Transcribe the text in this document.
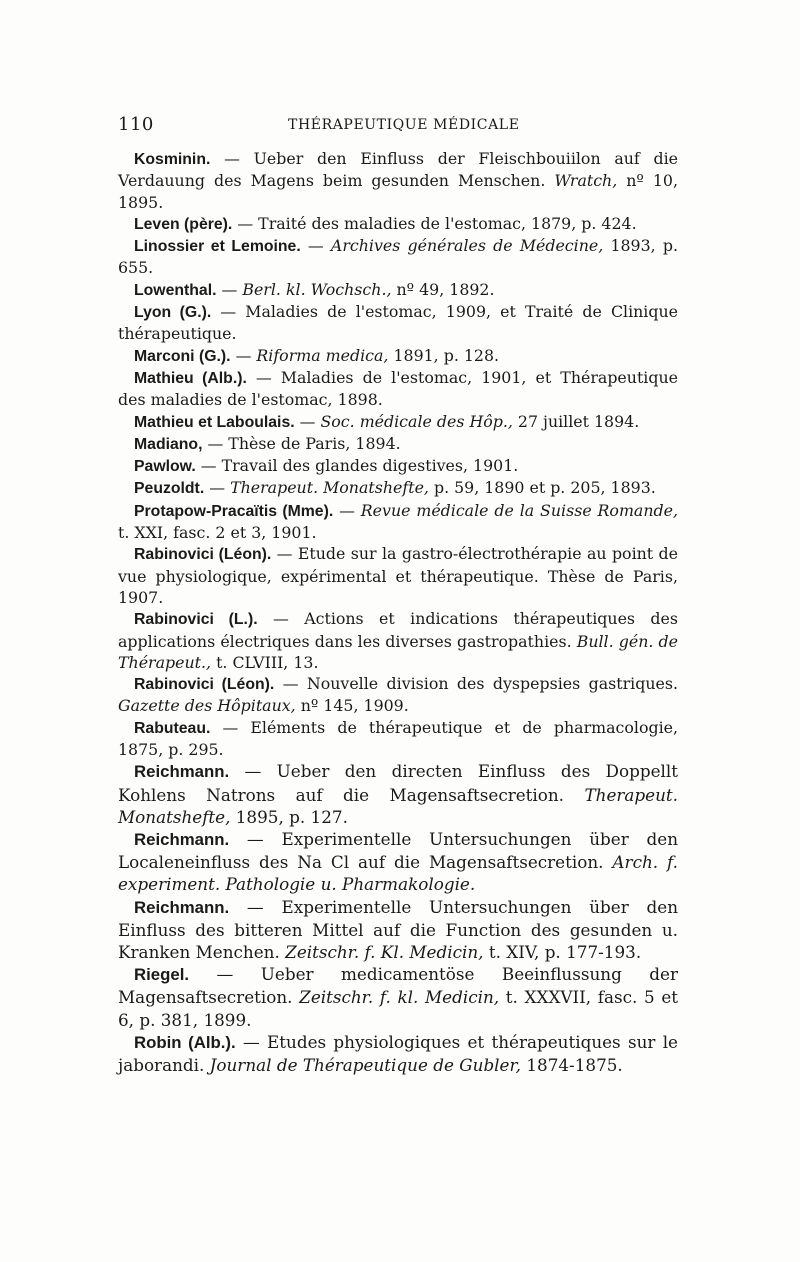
110	THÉRAPEUTIQUE MÉDICALE

Kosminin. — Ueber den Einfluss der Fleischbouiilon auf die Verdauung des Magens beim gesunden Menschen. Wratch, nº 10, 1895.

Leven (père). — Traité des maladies de l'estomac, 1879, p. 424.

Linossier et Lemoine. — Archives générales de Médecine, 1893, p. 655.

Lowenthal. — Berl. kl. Wochsch., nº 49, 1892.

Lyon (G.). — Maladies de l'estomac, 1909, et Traité de Clinique thérapeutique.

Marconi (G.). — Riforma medica, 1891, p. 128.

Mathieu (Alb.). — Maladies de l'estomac, 1901, et Thérapeutique des maladies de l'estomac, 1898.

Mathieu et Laboulais. — Soc. médicale des Hôp., 27 juillet 1894.

Madiano, — Thèse de Paris, 1894.

Pawlow. — Travail des glandes digestives, 1901.

Peuzoldt. — Therapeut. Monatshefte, p. 59, 1890 et p. 205, 1893.

Protapow-Pracaïtis (Mme). — Revue médicale de la Suisse Romande, t. XXI, fasc. 2 et 3, 1901.

Rabinovici (Léon). — Etude sur la gastro-électrothérapie au point de vue physiologique, expérimental et thérapeutique. Thèse de Paris, 1907.

Rabinovici (L.). — Actions et indications thérapeutiques des applications électriques dans les diverses gastropathies. Bull. gén. de Thérapeut., t. CLVIII, 13.

Rabinovici (Léon). — Nouvelle division des dyspepsies gastriques. Gazette des Hôpitaux, nº 145, 1909.

Rabuteau. — Eléments de thérapeutique et de pharmacologie, 1875, p. 295.

Reichmann. — Ueber den directen Einfluss des Doppellt Kohlens Natrons auf die Magensaftsecretion. Therapeut. Monatshefte, 1895, p. 127.

Reichmann. — Experimentelle Untersuchungen über den Localeneinfluss des Na Cl auf die Magensaftsecretion. Arch. f. experiment. Pathologie u. Pharmakologie.

Reichmann. — Experimentelle Untersuchungen über den Einfluss des bitteren Mittel auf die Function des gesunden u. Kranken Menchen. Zeitschr. f. Kl. Medicin, t. XIV, p. 177-193.

Riegel. — Ueber medicamentöse Beeinflussung der Magensaftsecretion. Zeitschr. f. kl. Medicin, t. XXXVII, fasc. 5 et 6, p. 381, 1899.

Robin (Alb.). — Etudes physiologiques et thérapeutiques sur le jaborandi. Journal de Thérapeutique de Gubler, 1874-1875.
